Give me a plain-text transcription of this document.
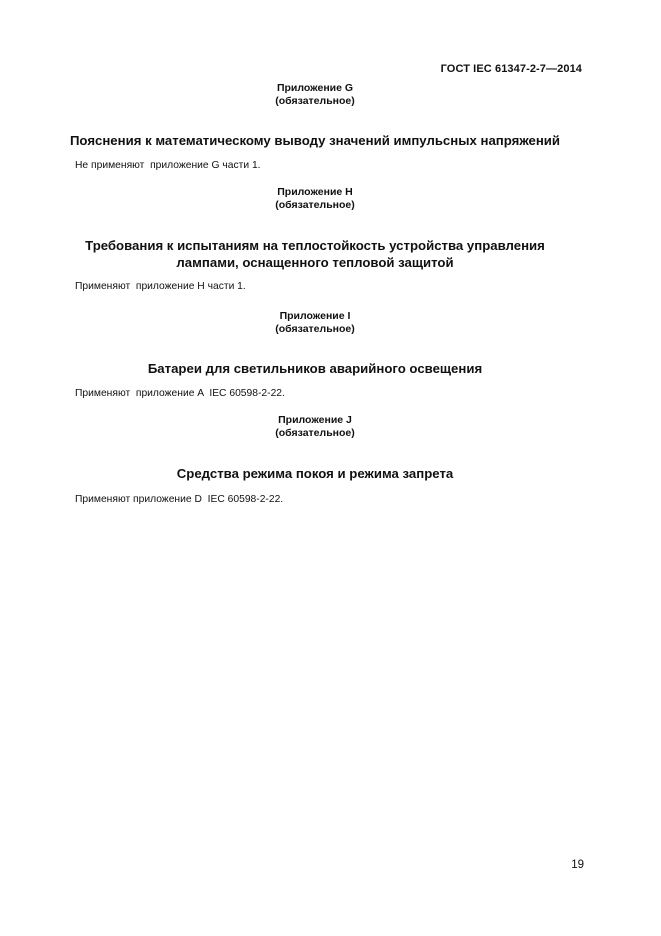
ГОСТ IEC 61347-2-7—2014
Приложение G
(обязательное)
Пояснения к математическому выводу значений импульсных напряжений
Не применяют  приложение G части 1.
Приложение H
(обязательное)
Требования к испытаниям на теплостойкость устройства управления
лампами, оснащенного тепловой защитой
Применяют  приложение H части 1.
Приложение I
(обязательное)
Батареи для светильников аварийного освещения
Применяют  приложение A  IEC 60598-2-22.
Приложение J
(обязательное)
Средства режима покоя и режима запрета
Применяют приложение D  IEC 60598-2-22.
19
